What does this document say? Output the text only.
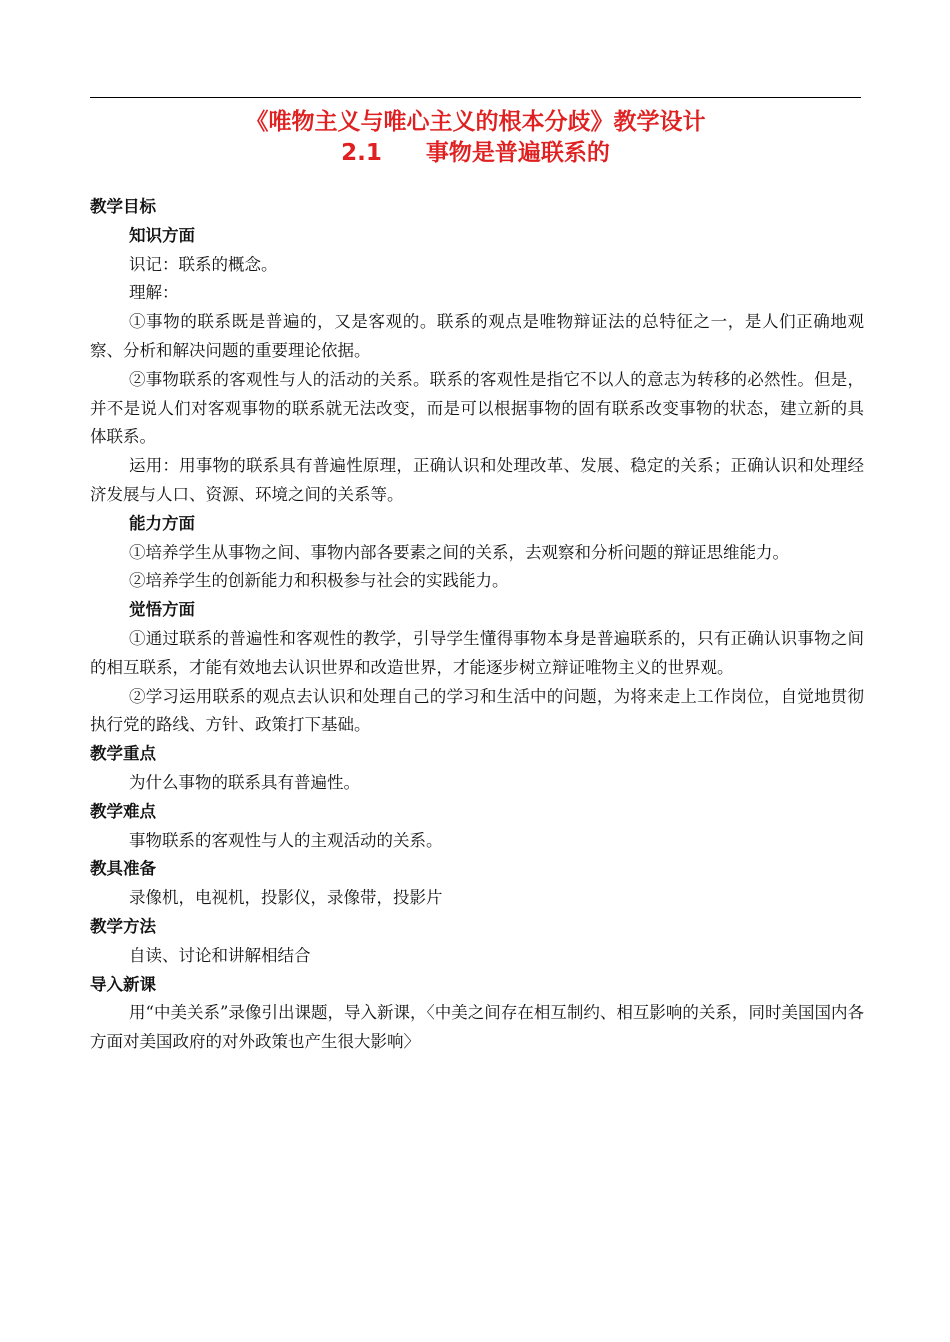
《唯物主义与唯心主义的根本分歧》教学设计
2.1 事物是普遍联系的

教学目标

知识方面

识记：联系的概念。

理解：

①事物的联系既是普遍的，又是客观的。联系的观点是唯物辩证法的总特征之一，是人们正确地观察、分析和解决问题的重要理论依据。

②事物联系的客观性与人的活动的关系。联系的客观性是指它不以人的意志为转移的必然性。但是，并不是说人们对客观事物的联系就无法改变，而是可以根据事物的固有联系改变事物的状态，建立新的具体联系。

运用：用事物的联系具有普遍性原理，正确认识和处理改革、发展、稳定的关系；正确认识和处理经济发展与人口、资源、环境之间的关系等。

能力方面

①培养学生从事物之间、事物内部各要素之间的关系，去观察和分析问题的辩证思维能力。

②培养学生的创新能力和积极参与社会的实践能力。

觉悟方面

①通过联系的普遍性和客观性的教学，引导学生懂得事物本身是普遍联系的，只有正确认识事物之间的相互联系，才能有效地去认识世界和改造世界，才能逐步树立辩证唯物主义的世界观。

②学习运用联系的观点去认识和处理自己的学习和生活中的问题，为将来走上工作岗位，自觉地贯彻执行党的路线、方针、政策打下基础。

教学重点

为什么事物的联系具有普遍性。

教学难点

事物联系的客观性与人的主观活动的关系。

教具准备

录像机，电视机，投影仪，录像带，投影片

教学方法

自读、讨论和讲解相结合

导入新课

用“中美关系”录像引出课题，导入新课，〈中美之间存在相互制约、相互影响的关系，同时美国国内各方面对美国政府的对外政策也产生很大影响〉
